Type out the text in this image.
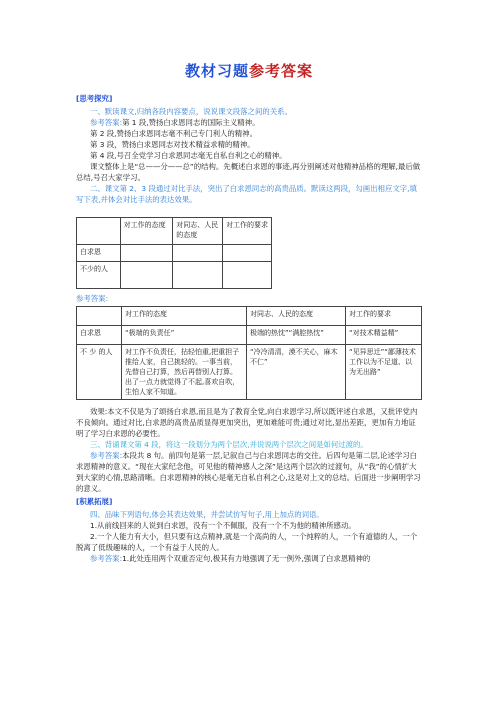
教材习题参考答案
[思考探究]

一、默读课文,归纳各段内容要点，说说课文段落之间的关系。

参考答案:第 1 段,赞扬白求恩同志的国际主义精神。

第 2 段,赞扬白求恩同志毫不利己专门利人的精神。

第 3 段，赞扬白求恩同志对技术精益求精的精神。

第 4 段,号召全党学习白求恩同志毫无自私自利之心的精神。

课文整体上是“总——分——总”的结构。先概述白求恩的事迹,再分别阐述对他精神品格的理解,最后做总结,号召大家学习。

二、课文第 2、3 段通过对比手法，突出了白求恩同志的高贵品质。默读这两段，勾画出相应文字,填写下表,并体会对比手法的表达效果。

	对工作的态度	对同志、人民的态度	对工作的要求
白求恩			
不少的人			

参考答案:

	对工作的态度	对同志、人民的态度	对工作的要求
白求恩	“极端的负责任”	极端的热忱”“满腔热忱”	“对技术精益精”
不 少 的人	对工作不负责任，拈轻怕重,把重担子推给人家，自己挑轻的。一事当前，先替自己打算，然后再替别人打算。出了一点力就觉得了不起,喜欢自吹，生怕人家不知道。	“冷冷清清，漠不关心，麻木不仁”	“见异思迁”“鄙薄技术工作以为不足道、以为无出路”

效果:本文不仅是为了颂扬白求恩,而且是为了教育全党,向白求恩学习,所以既评述白求恩，又批评党内不良倾向。通过对比,白求恩的高贵品质显得更加突出，更加难能可贵;通过对比,显出差距，更加有力地证明了学习白求恩的必要性。

三、背诵课文第 4 段，将这一段划分为两个层次,并说说两个层次之间是如何过渡的。

参考答案:本段共 8 句。前四句是第一层,记叙自己与白求恩同志的交往。后四句是第二层,论述学习白求恩精神的意义。“现在大家纪念他，可见他的精神感人之深”是这两个层次的过渡句，从“我”的心情扩大到大家的心情,思路清晰。白求恩精神的核心是毫无自私自利之心,这是对上文的总结。后面进一步阐明学习的意义。

[积累拓展]

四、品味下列语句,体会其表达效果，并尝试仿写句子,用上加点的词语。

1.从前线回来的人说到白求恩，没有一个不佩服，没有一个不为他的精神所感动。

2.一个人能力有大小，但只要有这点精神,就是一个高尚的人，一个纯粹的人，一个有道德的人，一个脱离了低级趣味的人，一个有益于人民的人。

参考答案:1.此处连用两个双重否定句,极其有力地强调了无一例外,强调了白求恩精神的
